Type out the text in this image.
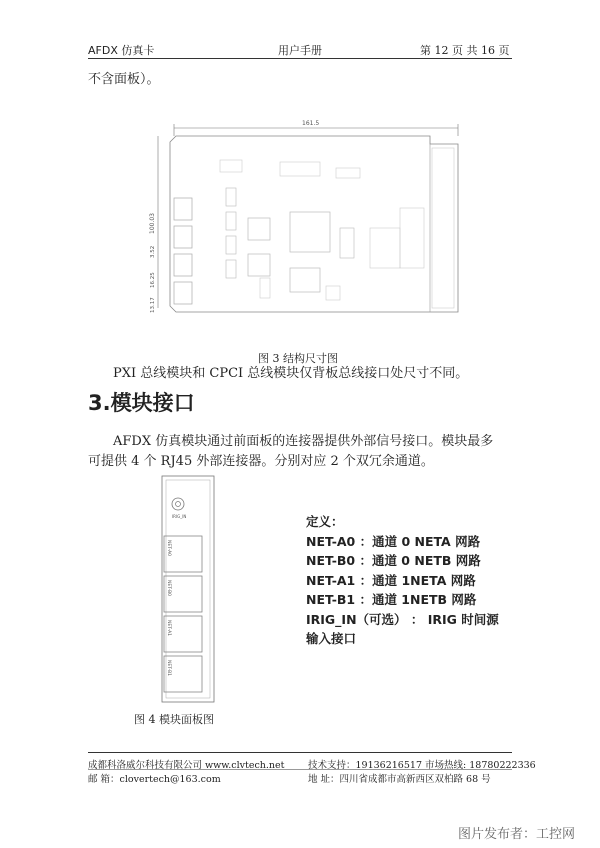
AFDX 仿真卡	用户手册	第 12 页 共 16 页
不含面板）。
161.5
100.03
3.52
16.25
13.17
图 3 结构尺寸图
PXI 总线模块和 CPCI 总线模块仅背板总线接口处尺寸不同。
3.模块接口
AFDX 仿真模块通过前面板的连接器提供外部信号接口。模块最多
可提供 4 个 RJ45 外部连接器。分别对应 2 个双冗余通道。
IRIG_IN
NET-A0
NET-B0
NET-A1
NET-B1
图 4 模块面板图
定义：
NET-A0 ：通道 0 NETA 网路
NET-B0 ：通道 0 NETB 网路
NET-A1 ：通道 1NETA 网路
NET-B1 ：通道 1NETB 网路
IRIG_IN（可选） ： IRIG 时间源
输入接口
成都科洛威尔科技有限公司 www.clvtech.net 技术支持：19136216517 市场热线: 18780222336
邮 箱：clovertech@163.com	地 址：四川省成都市高新西区双柏路 68 号
图片发布者：工控网
